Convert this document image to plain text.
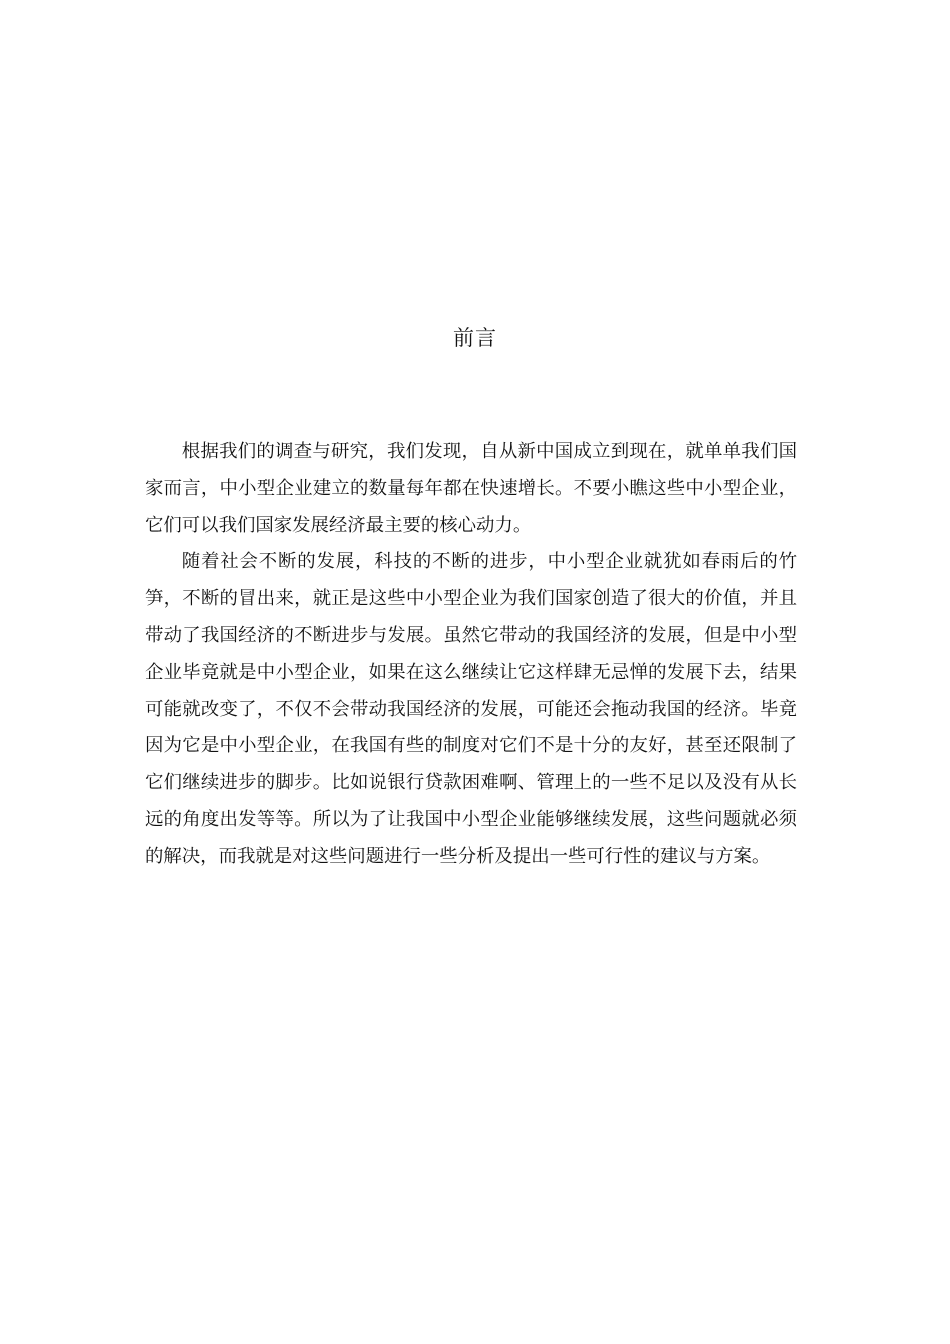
前言

根据我们的调查与研究，我们发现，自从新中国成立到现在，就单单我们国家而言，中小型企业建立的数量每年都在快速增长。不要小瞧这些中小型企业，它们可以我们国家发展经济最主要的核心动力。

随着社会不断的发展，科技的不断的进步，中小型企业就犹如春雨后的竹笋，不断的冒出来，就正是这些中小型企业为我们国家创造了很大的价值，并且带动了我国经济的不断进步与发展。虽然它带动的我国经济的发展，但是中小型企业毕竟就是中小型企业，如果在这么继续让它这样肆无忌惮的发展下去，结果可能就改变了，不仅不会带动我国经济的发展，可能还会拖动我国的经济。毕竟因为它是中小型企业，在我国有些的制度对它们不是十分的友好，甚至还限制了它们继续进步的脚步。比如说银行贷款困难啊、管理上的一些不足以及没有从长远的角度出发等等。所以为了让我国中小型企业能够继续发展，这些问题就必须的解决，而我就是对这些问题进行一些分析及提出一些可行性的建议与方案。
